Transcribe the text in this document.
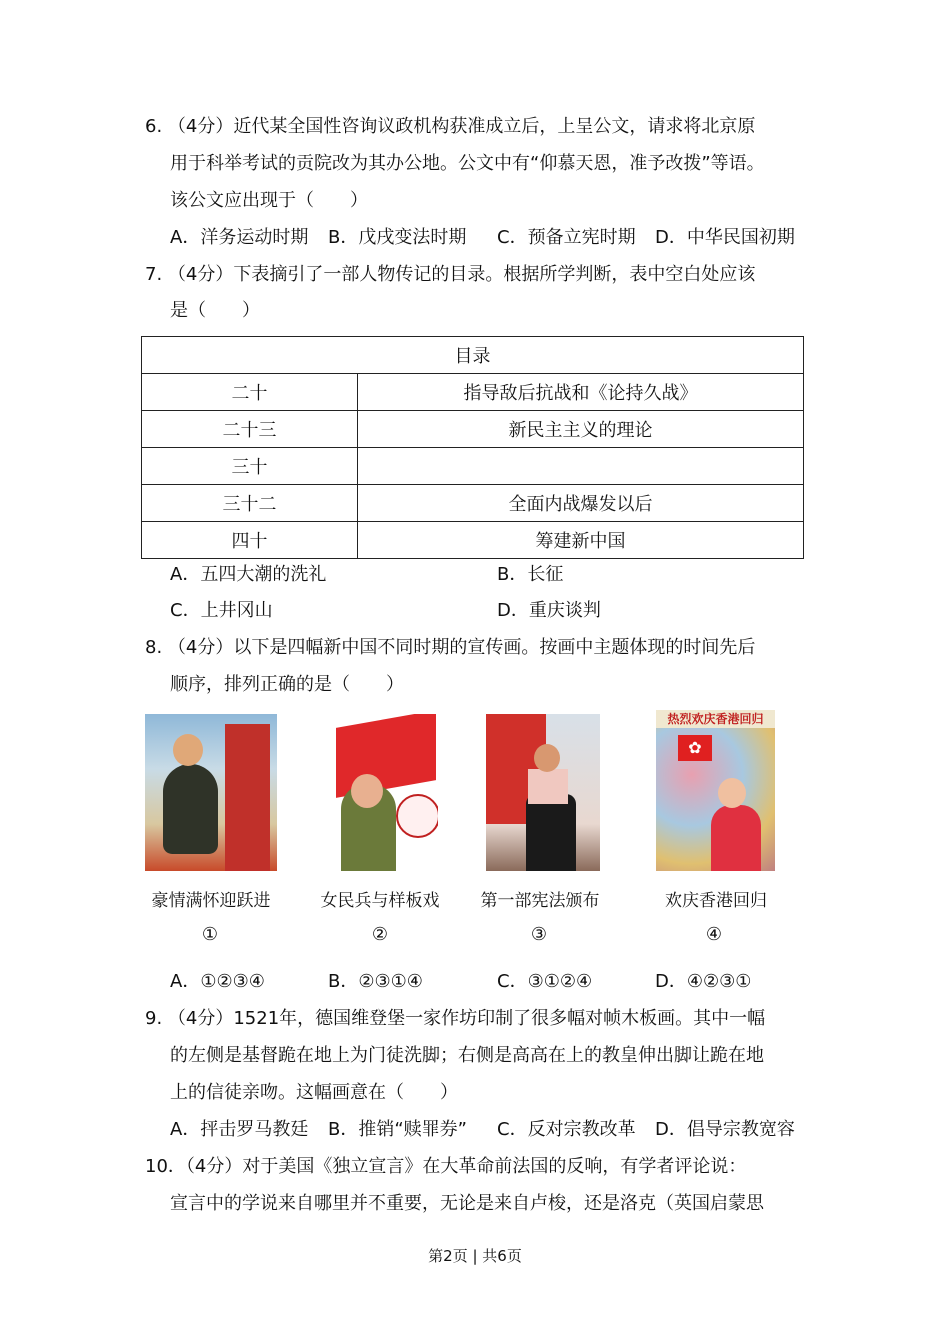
6. （4分）近代某全国性咨询议政机构获准成立后，上呈公文，请求将北京原
用于科举考试的贡院改为其办公地。公文中有“仰慕天恩，准予改拨”等语。
该公文应出现于（　　）
A．洋务运动时期 B．戊戌变法时期 C．预备立宪时期 D．中华民国初期
7. （4分）下表摘引了一部人物传记的目录。根据所学判断，表中空白处应该
是（　　）
目录	
二十	指导敌后抗战和《论持久战》
二十三	新民主主义的理论
三十	
三十二	全面内战爆发以后
四十	筹建新中国
A．五四大潮的洗礼	B．长征
C．上井冈山	D．重庆谈判
8. （4分）以下是四幅新中国不同时期的宣传画。按画中主题体现的时间先后
顺序，排列正确的是（　　）
热烈欢庆香港回归
✿
豪情满怀迎跃进	女民兵与样板戏	第一部宪法颁布	欢庆香港回归
①	②	③	④
A．①②③④	B．②③①④	C．③①②④	D．④②③①
9. （4分）1521年，德国维登堡一家作坊印制了很多幅对帧木板画。其中一幅
的左侧是基督跪在地上为门徒洗脚；右侧是高高在上的教皇伸出脚让跪在地
上的信徒亲吻。这幅画意在（　　）
A．抨击罗马教廷 B．推销“赎罪券” C．反对宗教改革 D．倡导宗教宽容
10．（4分）对于美国《独立宣言》在大革命前法国的反响，有学者评论说：
宣言中的学说来自哪里并不重要，无论是来自卢梭，还是洛克（英国启蒙思
第2页 | 共6页
